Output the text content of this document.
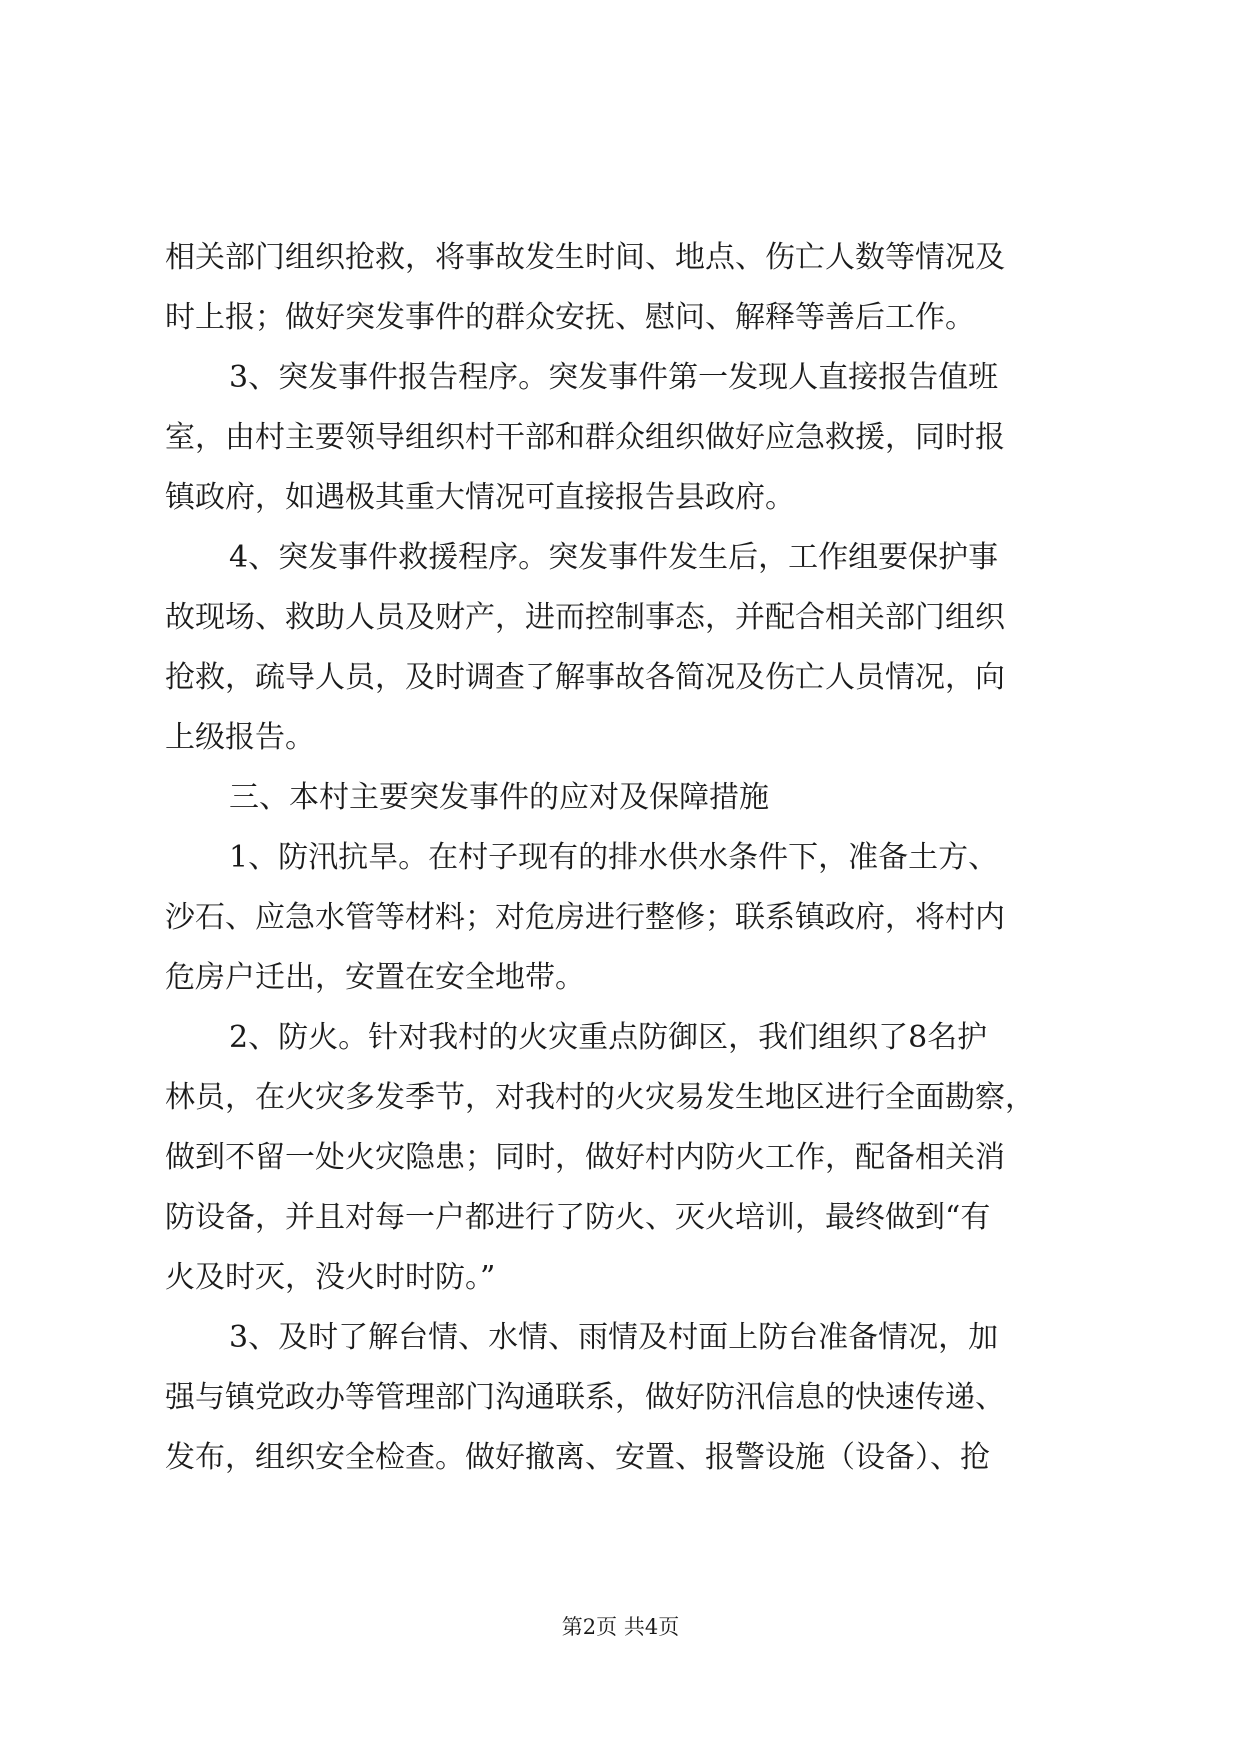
相关部门组织抢救，将事故发生时间、地点、伤亡人数等情况及
时上报；做好突发事件的群众安抚、慰问、解释等善后工作。
3、突发事件报告程序。突发事件第一发现人直接报告值班
室，由村主要领导组织村干部和群众组织做好应急救援，同时报
镇政府，如遇极其重大情况可直接报告县政府。
4、突发事件救援程序。突发事件发生后，工作组要保护事
故现场、救助人员及财产，进而控制事态，并配合相关部门组织
抢救，疏导人员，及时调查了解事故各简况及伤亡人员情况，向
上级报告。
三、本村主要突发事件的应对及保障措施
1、防汛抗旱。在村子现有的排水供水条件下，准备土方、
沙石、应急水管等材料；对危房进行整修；联系镇政府，将村内
危房户迁出，安置在安全地带。
2、防火。针对我村的火灾重点防御区，我们组织了8名护
林员，在火灾多发季节，对我村的火灾易发生地区进行全面勘察，
做到不留一处火灾隐患；同时，做好村内防火工作，配备相关消
防设备，并且对每一户都进行了防火、灭火培训，最终做到“有
火及时灭，没火时时防。”
3、及时了解台情、水情、雨情及村面上防台准备情况，加
强与镇党政办等管理部门沟通联系，做好防汛信息的快速传递、
发布，组织安全检查。做好撤离、安置、报警设施（设备）、抢
第2页 共4页
